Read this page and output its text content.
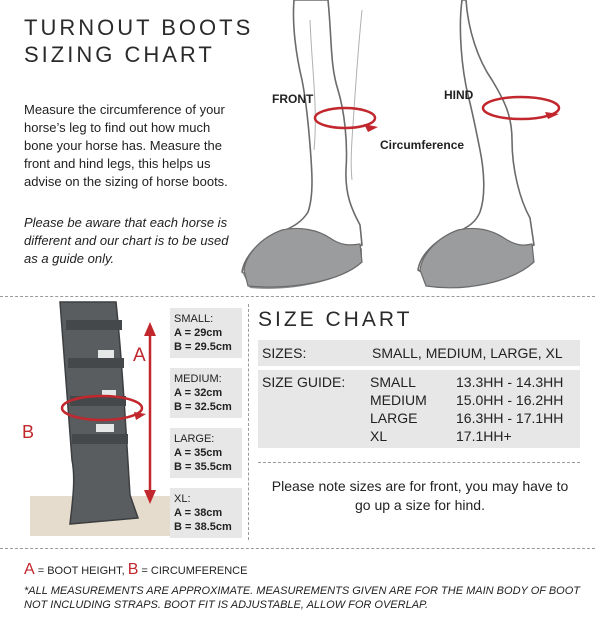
TURNOUT BOOTS
SIZING CHART
Measure the circumference of your horse’s leg to find out how much bone your horse has. Measure the front and hind legs, this helps us advise on the sizing of horse boots.
Please be aware that each horse is different and our chart is to be used as a guide only.
FRONT	HIND
Circumference
A
B
SMALL:
A = 29cm
B = 29.5cm
MEDIUM:
A = 32cm
B = 32.5cm
LARGE:
A = 35cm
B = 35.5cm
XL:
A = 38cm
B = 38.5cm
SIZE CHART
SIZES:	SMALL, MEDIUM, LARGE, XL
SIZE GUIDE: SMALL	13.3HH - 14.3HH
MEDIUM 15.0HH - 16.2HH
LARGE	16.3HH - 17.1HH
XL	17.1HH+
Please note sizes are for front, you may have to go up a size for hind.
A = BOOT HEIGHT, B = CIRCUMFERENCE
*ALL MEASUREMENTS ARE APPROXIMATE. MEASUREMENTS GIVEN ARE FOR THE MAIN BODY OF BOOT NOT INCLUDING STRAPS. BOOT FIT IS ADJUSTABLE, ALLOW FOR OVERLAP.
